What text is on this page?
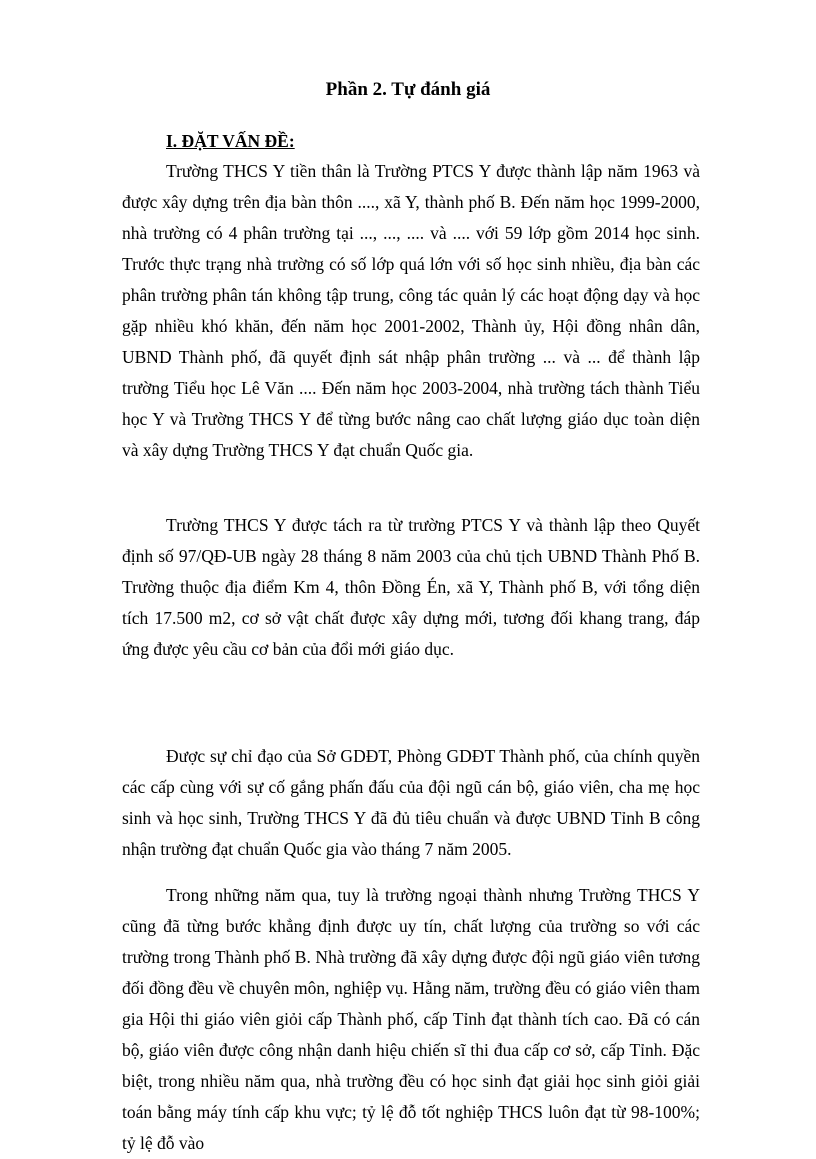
Phần 2. Tự đánh giá
I. ĐẶT VẤN ĐỀ:

Trường THCS Y tiền thân là Trường PTCS Y được thành lập năm 1963 và được xây dựng trên địa bàn thôn ...., xã Y, thành phố B. Đến năm học 1999-2000, nhà trường có 4 phân trường tại ..., ..., .... và .... với 59 lớp gồm 2014 học sinh. Trước thực trạng nhà trường có số lớp quá lớn với số học sinh nhiều, địa bàn các phân trường phân tán không tập trung, công tác quản lý các hoạt động dạy và học gặp nhiều khó khăn, đến năm học 2001-2002, Thành ủy, Hội đồng nhân dân, UBND Thành phố, đã quyết định sát nhập phân trường ... và ... để thành lập trường Tiểu học Lê Văn .... Đến năm học 2003-2004, nhà trường tách thành Tiểu học Y và Trường THCS Y để từng bước nâng cao chất lượng giáo dục toàn diện và xây dựng Trường THCS Y đạt chuẩn Quốc gia.

Trường THCS Y được tách ra từ trường PTCS Y và thành lập theo Quyết định số 97/QĐ-UB ngày 28 tháng 8 năm 2003 của chủ tịch UBND Thành Phố B. Trường thuộc địa điểm Km 4, thôn Đồng Én, xã Y, Thành phố B, với tổng diện tích 17.500 m2, cơ sở vật chất được xây dựng mới, tương đối khang trang, đáp ứng được yêu cầu cơ bản của đổi mới giáo dục.

Được sự chỉ đạo của Sở GDĐT, Phòng GDĐT Thành phố, của chính quyền các cấp cùng với sự cố gắng phấn đấu của đội ngũ cán bộ, giáo viên, cha mẹ học sinh và học sinh, Trường THCS Y đã đủ tiêu chuẩn và được UBND Tỉnh B công nhận trường đạt chuẩn Quốc gia vào tháng 7 năm 2005.

Trong những năm qua, tuy là trường ngoại thành nhưng Trường THCS Y cũng đã từng bước khẳng định được uy tín, chất lượng của trường so với các trường trong Thành phố B. Nhà trường đã xây dựng được đội ngũ giáo viên tương đối đồng đều về chuyên môn, nghiệp vụ. Hằng năm, trường đều có giáo viên tham gia Hội thi giáo viên giỏi cấp Thành phố, cấp Tỉnh đạt thành tích cao. Đã có cán bộ, giáo viên được công nhận danh hiệu chiến sĩ thi đua cấp cơ sở, cấp Tỉnh. Đặc biệt, trong nhiều năm qua, nhà trường đều có học sinh đạt giải học sinh giỏi giải toán bằng máy tính cấp khu vực; tỷ lệ đỗ tốt nghiệp THCS luôn đạt từ 98-100%; tỷ lệ đỗ vào
